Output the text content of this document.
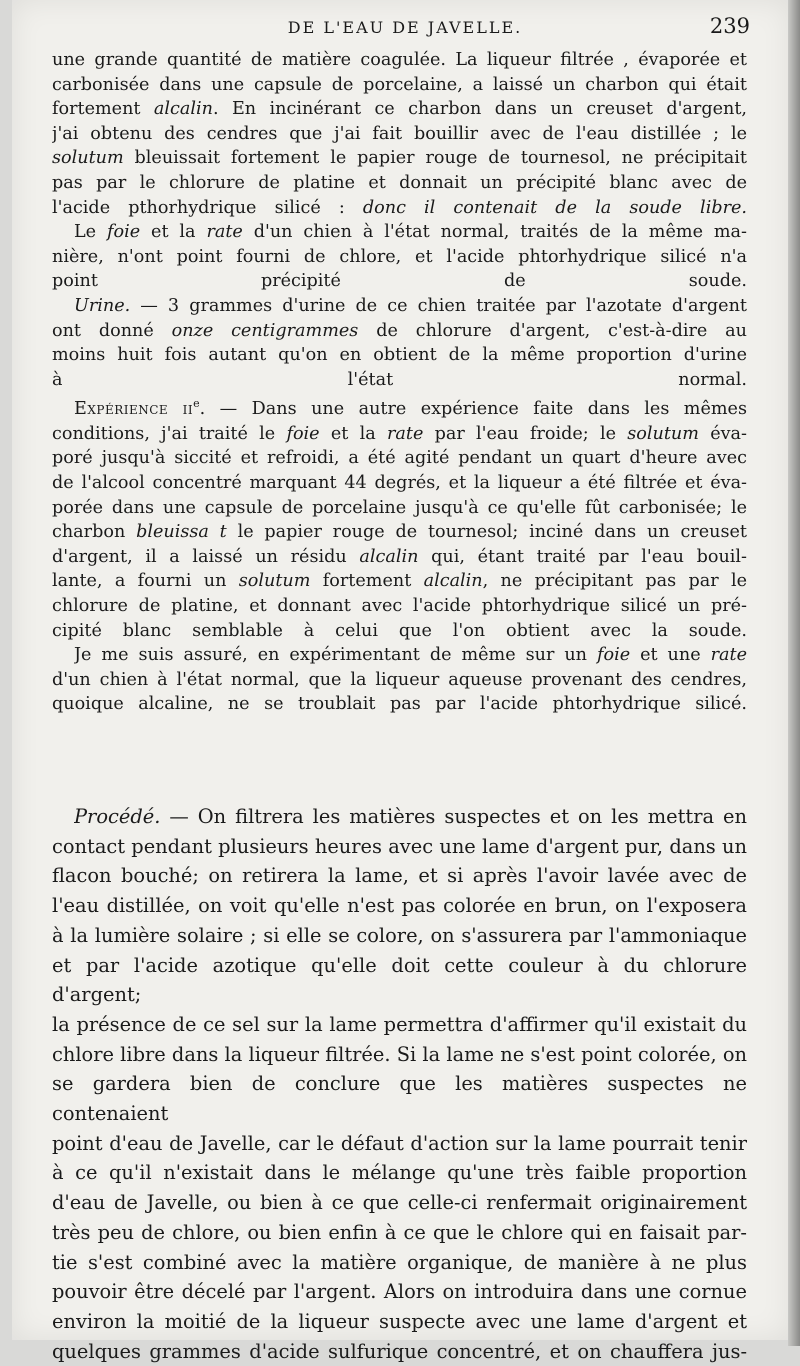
DE L'EAU DE JAVELLE.	239
une grande quantité de matière coagulée. La liqueur filtrée , évaporée et
carbonisée dans une capsule de porcelaine, a laissé un charbon qui était
fortement alcalin. En incinérant ce charbon dans un creuset d'argent,
j'ai obtenu des cendres que j'ai fait bouillir avec de l'eau distillée ; le
solutum bleuissait fortement le papier rouge de tournesol, ne précipitait
pas par le chlorure de platine et donnait un précipité blanc avec de
l'acide pthorhydrique silicé : donc il contenait de la soude libre.
Le foie et la rate d'un chien à l'état normal, traités de la même ma-
nière, n'ont point fourni de chlore, et l'acide phtorhydrique silicé n'a
point précipité de soude.
Urine. — 3 grammes d'urine de ce chien traitée par l'azotate d'argent
ont donné onze centigrammes de chlorure d'argent, c'est-à-dire au
moins huit fois autant qu'on en obtient de la même proportion d'urine
à l'état normal.
Expérience $ii^e$. — Dans une autre expérience faite dans les mêmes
conditions, j'ai traité le foie et la rate par l'eau froide; le solutum éva-
poré jusqu'à siccité et refroidi, a été agité pendant un quart d'heure avec
de l'alcool concentré marquant 44 degrés, et la liqueur a été filtrée et éva-
porée dans une capsule de porcelaine jusqu'à ce qu'elle fût carbonisée; le
charbon bleuissa t le papier rouge de tournesol; inciné dans un creuset
d'argent, il a laissé un résidu alcalin qui, étant traité par l'eau bouil-
lante, a fourni un solutum fortement alcalin, ne précipitant pas par le
chlorure de platine, et donnant avec l'acide phtorhydrique silicé un pré-
cipité blanc semblable à celui que l'on obtient avec la soude.
Je me suis assuré, en expérimentant de même sur un foie et une rate
d'un chien à l'état normal, que la liqueur aqueuse provenant des cendres,
quoique alcaline, ne se troublait pas par l'acide phtorhydrique silicé.
Procédé. — On filtrera les matières suspectes et on les mettra en
contact pendant plusieurs heures avec une lame d'argent pur, dans un
flacon bouché; on retirera la lame, et si après l'avoir lavée avec de
l'eau distillée, on voit qu'elle n'est pas colorée en brun, on l'exposera
à la lumière solaire ; si elle se colore, on s'assurera par l'ammoniaque
et par l'acide azotique qu'elle doit cette couleur à du chlorure d'argent;
la présence de ce sel sur la lame permettra d'affirmer qu'il existait du
chlore libre dans la liqueur filtrée. Si la lame ne s'est point colorée, on
se gardera bien de conclure que les matières suspectes ne contenaient
point d'eau de Javelle, car le défaut d'action sur la lame pourrait tenir
à ce qu'il n'existait dans le mélange qu'une très faible proportion
d'eau de Javelle, ou bien à ce que celle-ci renfermait originairement
très peu de chlore, ou bien enfin à ce que le chlore qui en faisait par-
tie s'est combiné avec la matière organique, de manière à ne plus
pouvoir être décelé par l'argent. Alors on introduira dans une cornue
environ la moitié de la liqueur suspecte avec une lame d'argent et
quelques grammes d'acide sulfurique concentré, et on chauffera jus-
